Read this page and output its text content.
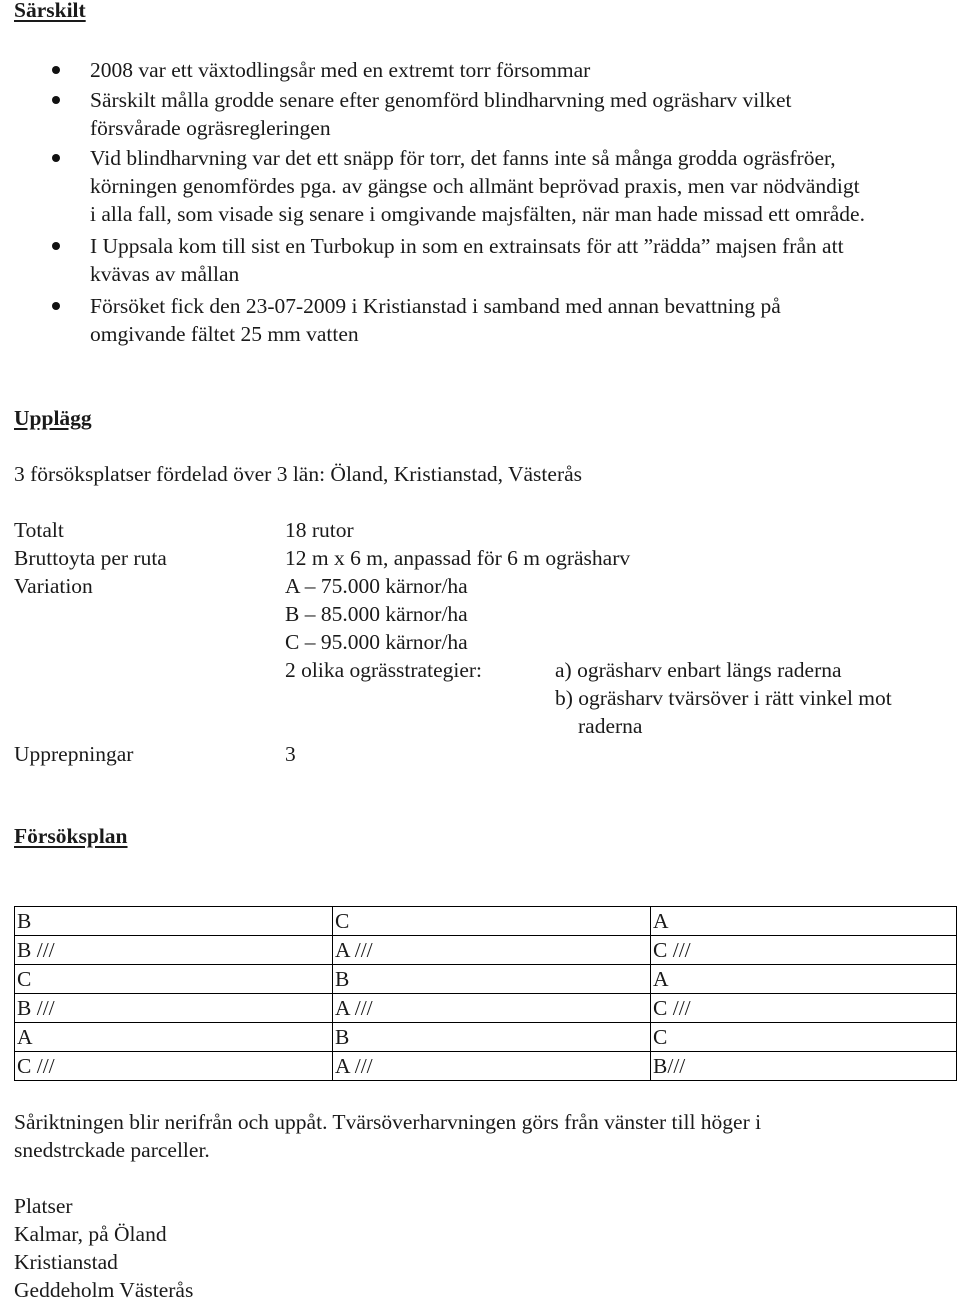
Särskilt
2008 var ett växtodlingsår med en extremt torr försommar
Särskilt målla grodde senare efter genomförd blindharvning med ogräsharv vilket
försvårade ogräsregleringen
Vid blindharvning var det ett snäpp för torr, det fanns inte så många grodda ogräsfröer,
körningen genomfördes pga. av gängse och allmänt beprövad praxis, men var nödvändigt
i alla fall, som visade sig senare i omgivande majsfälten, när man hade missad ett område.
I Uppsala kom till sist en Turbokup in som en extrainsats för att ”rädda” majsen från att
kvävas av mållan
Försöket fick den 23-07-2009 i Kristianstad i samband med annan bevattning på
omgivande fältet 25 mm vatten
Upplägg
3 försöksplatser fördelad över 3 län: Öland, Kristianstad, Västerås
Totalt	18 rutor
Bruttoyta per ruta	12 m x 6 m, anpassad för 6 m ogräsharv
Variation	A – 75.000 kärnor/ha
B – 85.000 kärnor/ha
C – 95.000 kärnor/ha
2 olika ogrässtrategier:	a) ogräsharv enbart längs raderna
b) ogräsharv tvärsöver i rätt vinkel mot
raderna
Upprepningar	3
Försöksplan
B	C	A
B ///	A ///	C ///
C	B	A
B ///	A ///	C ///
A	B	C
C ///	A ///	B///
Såriktningen blir nerifrån och uppåt. Tvärsöverharvningen görs från vänster till höger i
snedstrckade parceller.
Platser
Kalmar, på Öland
Kristianstad
Geddeholm Västerås
